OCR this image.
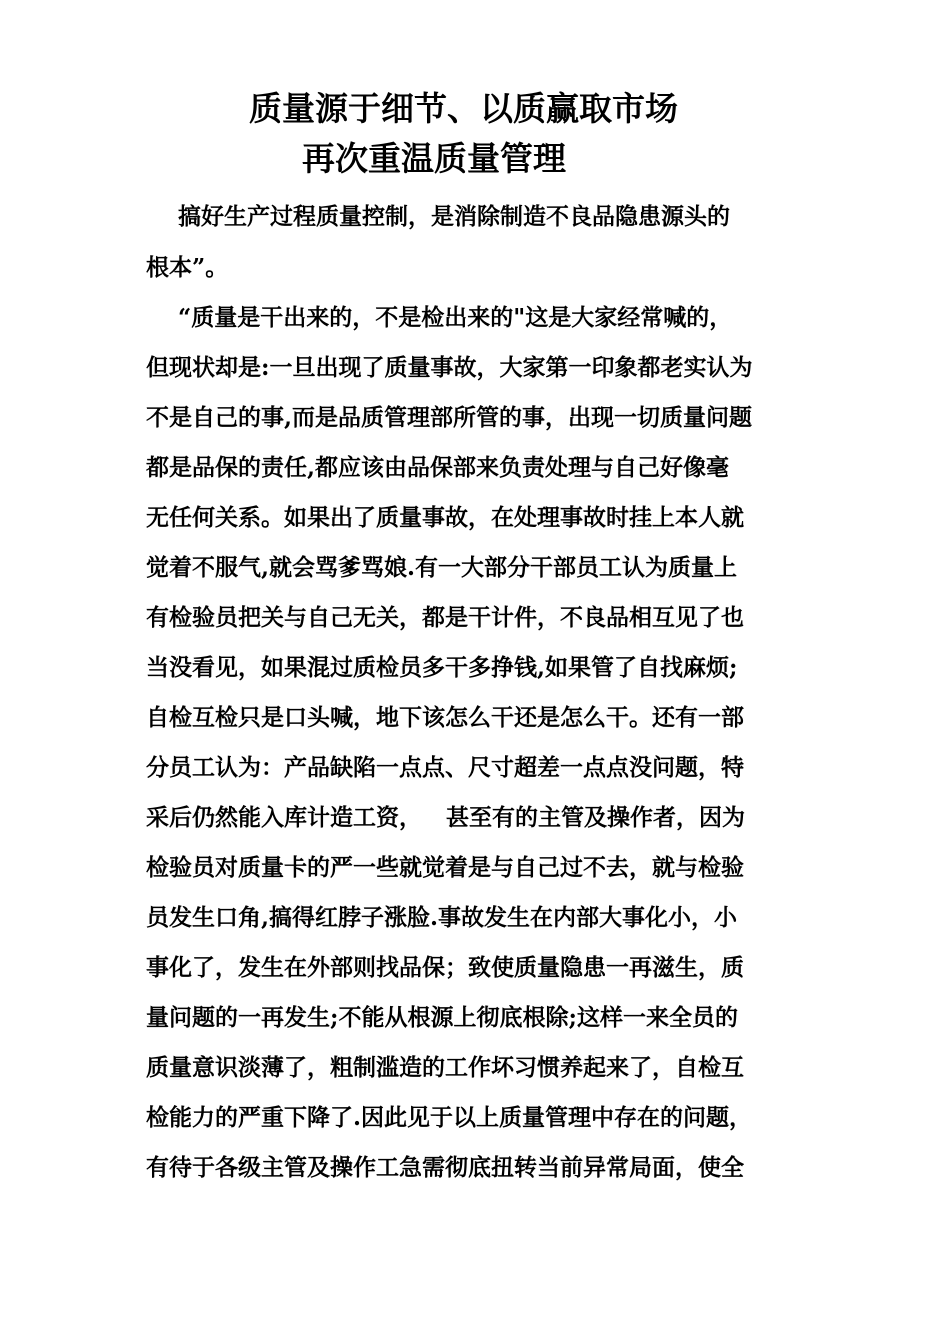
质量源于细节、以质赢取市场
再次重温质量管理

搞好生产过程质量控制，是消除制造不良品隐患源头的

根本”。

“质量是干出来的，不是检出来的"这是大家经常喊的，

但现状却是:一旦出现了质量事故，大家第一印象都老实认为

不是自己的事,而是品质管理部所管的事，出现一切质量问题

都是品保的责任,都应该由品保部来负责处理与自己好像毫

无任何关系。如果出了质量事故，在处理事故时挂上本人就

觉着不服气,就会骂爹骂娘.有一大部分干部员工认为质量上

有检验员把关与自己无关，都是干计件，不良品相互见了也

当没看见，如果混过质检员多干多挣钱,如果管了自找麻烦;

自检互检只是口头喊，地下该怎么干还是怎么干。还有一部

分员工认为：产品缺陷一点点、尺寸超差一点点没问题，特

采后仍然能入库计造工资，   甚至有的主管及操作者，因为

检验员对质量卡的严一些就觉着是与自己过不去，就与检验

员发生口角,搞得红脖子涨脸.事故发生在内部大事化小，小

事化了，发生在外部则找品保；致使质量隐患一再滋生，质

量问题的一再发生;不能从根源上彻底根除;这样一来全员的

质量意识淡薄了，粗制滥造的工作坏习惯养起来了，自检互

检能力的严重下降了.因此见于以上质量管理中存在的问题，

有待于各级主管及操作工急需彻底扭转当前异常局面，使全
